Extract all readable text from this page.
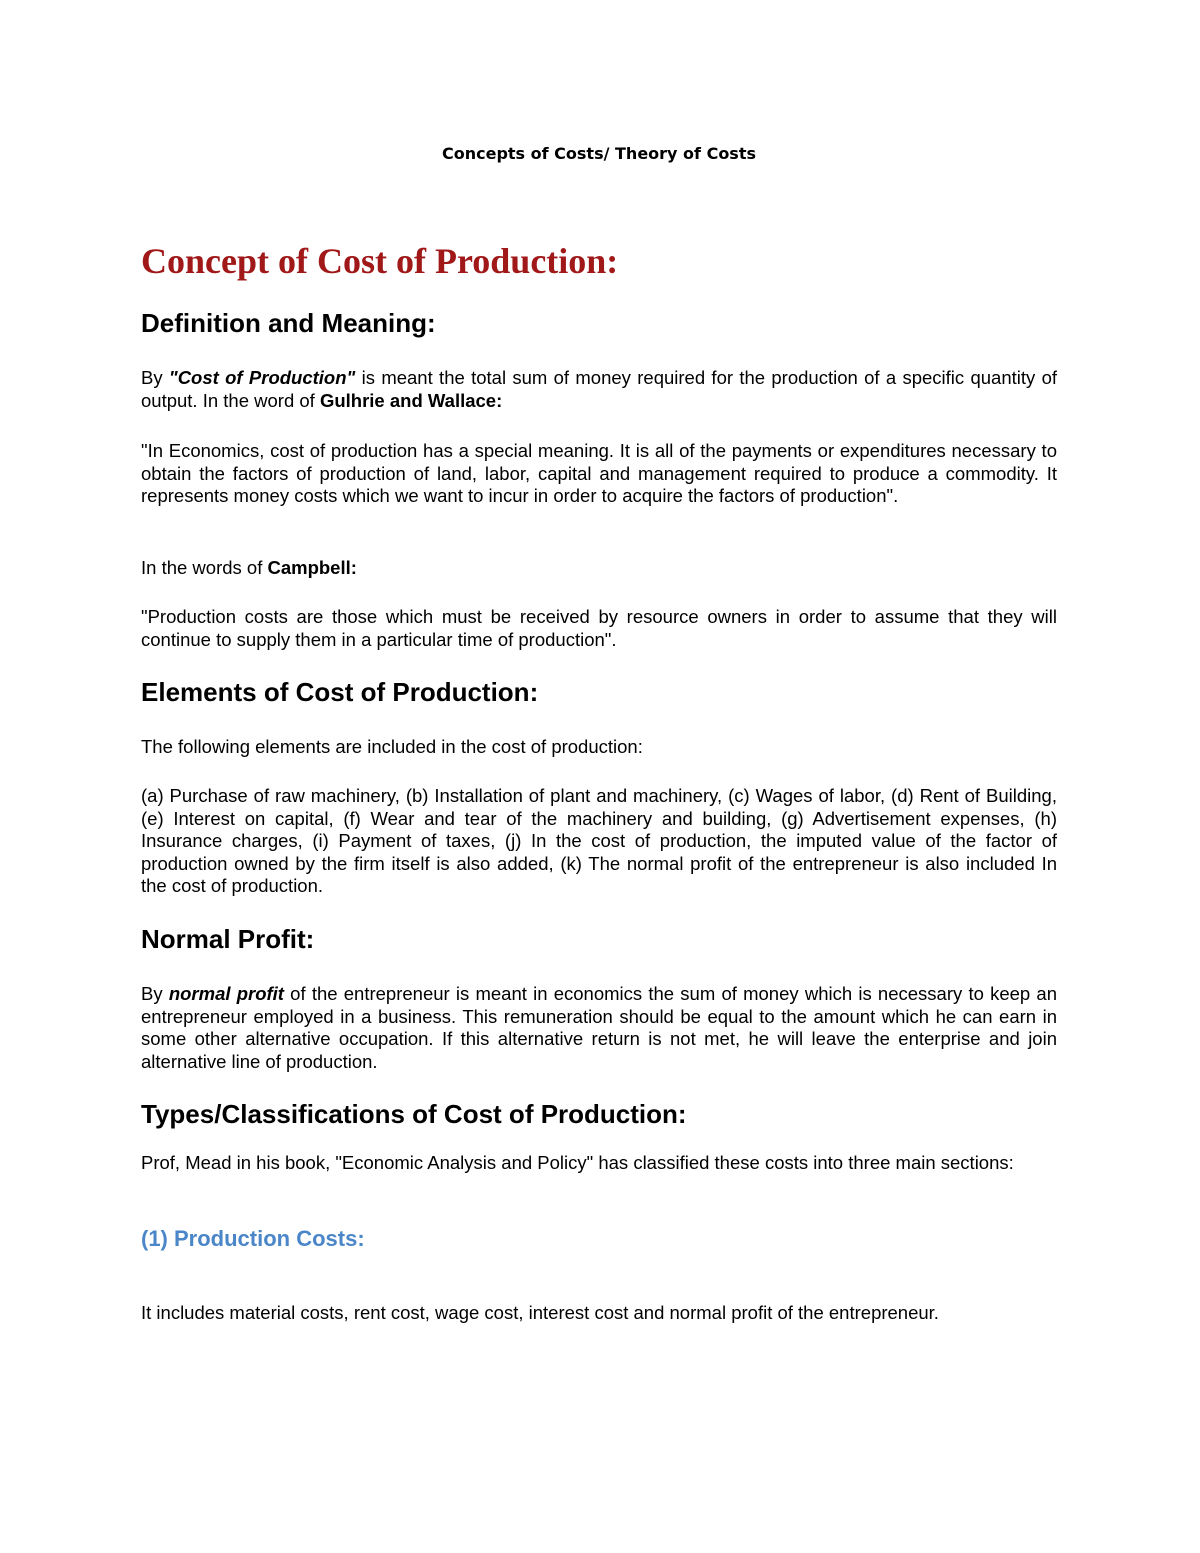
Concepts of Costs/ Theory of Costs
Concept of Cost of Production:
Definition and Meaning:

By "Cost of Production" is meant the total sum of money required for the production of a specific quantity of output. In the word of Gulhrie and Wallace:

"In Economics, cost of production has a special meaning. It is all of the payments or expenditures necessary to obtain the factors of production of land, labor, capital and management required to produce a commodity. It represents money costs which we want to incur in order to acquire the factors of production".

In the words of Campbell:

"Production costs are those which must be received by resource owners in order to assume that they will continue to supply them in a particular time of production".

Elements of Cost of Production:

The following elements are included in the cost of production:

(a) Purchase of raw machinery, (b) Installation of plant and machinery, (c) Wages of labor, (d) Rent of Building, (e) Interest on capital, (f) Wear and tear of the machinery and building, (g) Advertisement expenses, (h) Insurance charges, (i) Payment of taxes, (j) In the cost of production, the imputed value of the factor of production owned by the firm itself is also added, (k) The normal profit of the entrepreneur is also included In the cost of production.

Normal Profit:

By normal profit of the entrepreneur is meant in economics the sum of money which is necessary to keep an entrepreneur employed in a business. This remuneration should be equal to the amount which he can earn in some other alternative occupation. If this alternative return is not met, he will leave the enterprise and join alternative line of production.

Types/Classifications of Cost of Production:

Prof, Mead in his book, "Economic Analysis and Policy" has classified these costs into three main sections:

(1) Production Costs:

It includes material costs, rent cost, wage cost, interest cost and normal profit of the entrepreneur.
